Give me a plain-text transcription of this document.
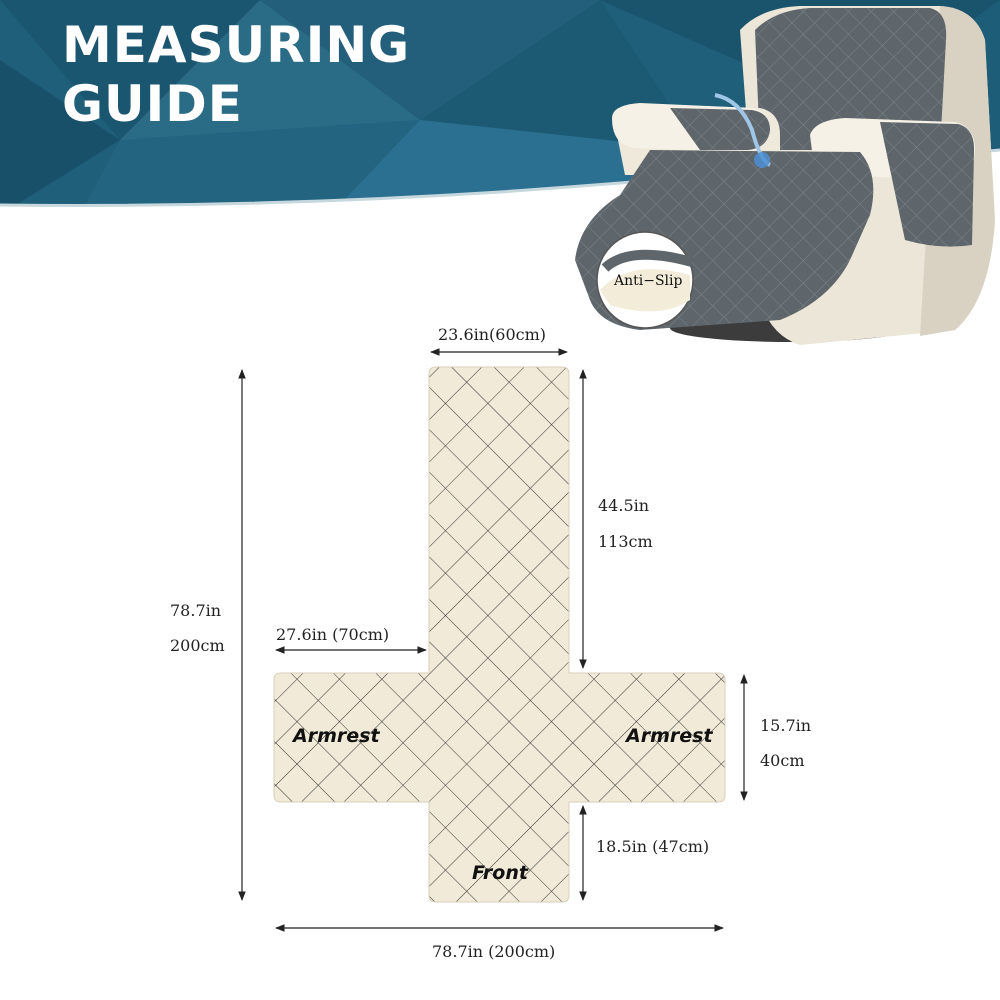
MEASURING
GUIDE
Anti−Slip
Armrest	Armrest
Front
23.6in(60cm)
44.5in
113cm
78.7in
200cm
27.6in (70cm)
15.7in
40cm
18.5in (47cm)
78.7in (200cm)
